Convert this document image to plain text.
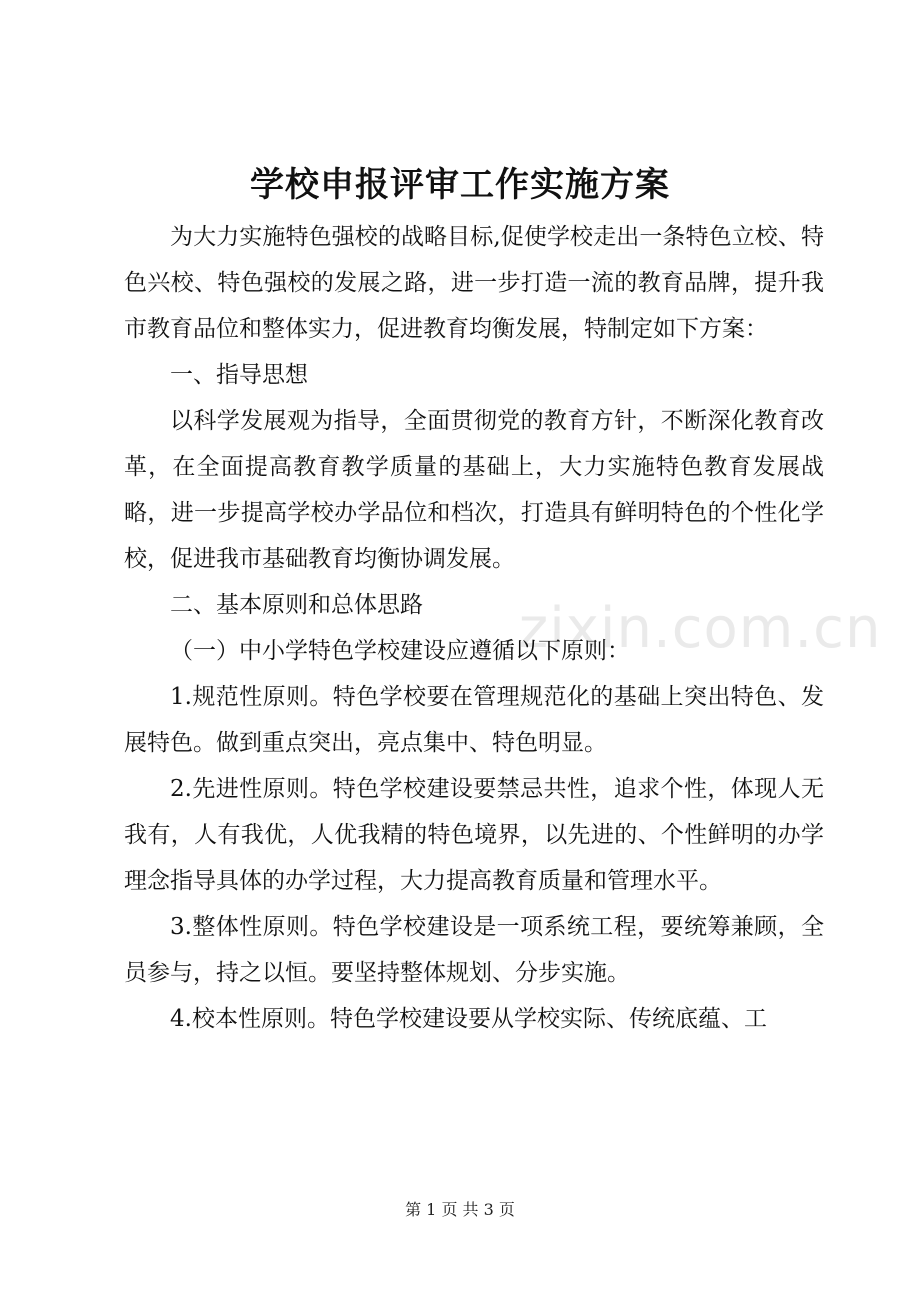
.zixin.com.cn
学校申报评审工作实施方案

为大力实施特色强校的战略目标,促使学校走出一条特色立校、特色兴校、特色强校的发展之路，进一步打造一流的教育品牌，提升我市教育品位和整体实力，促进教育均衡发展，特制定如下方案：

一、指导思想

以科学发展观为指导，全面贯彻党的教育方针，不断深化教育改革，在全面提高教育教学质量的基础上，大力实施特色教育发展战略，进一步提高学校办学品位和档次，打造具有鲜明特色的个性化学校，促进我市基础教育均衡协调发展。

二、基本原则和总体思路

（一）中小学特色学校建设应遵循以下原则：

1.规范性原则。特色学校要在管理规范化的基础上突出特色、发展特色。做到重点突出，亮点集中、特色明显。

2.先进性原则。特色学校建设要禁忌共性，追求个性，体现人无我有，人有我优，人优我精的特色境界，以先进的、个性鲜明的办学理念指导具体的办学过程，大力提高教育质量和管理水平。

3.整体性原则。特色学校建设是一项系统工程，要统筹兼顾，全员参与，持之以恒。要坚持整体规划、分步实施。

4.校本性原则。特色学校建设要从学校实际、传统底蕴、工

第 1 页 共 3 页
